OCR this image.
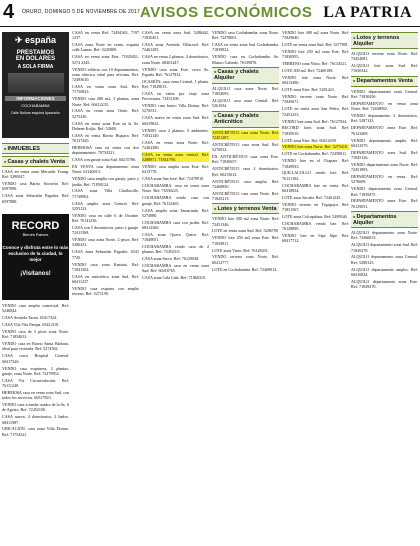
4 ORURO, DOMINGO 5 DE NOVIEMBRE DE 2017 AVISOS ECONÓMICOS LA PATRIA
✈ españa
PRESTAMOS
EN DOLARES
A SOLA FIRMA
INFORMACIONES
COCHABAMBA
Calle Bolívar esquina Ayacucho
RECORD
Bienes Raíces
Conoce y disfruta entre lo más exclusivo de la ciudad, lo mejor
¡Visítanos!
■ INMUEBLES
■ Casas y chalets Venta

CASA en venta zona Mercado Young. Ref: 5290047.

VENDO casa Barrio Socavón. Ref: 6597890.

CASA zona Sebastián Pagador. Ref: 6597880.

VENDO casa amplia comercial. Ref: 5246842.

CASA Avenida Tacna. 65417324.

CASA Vila Vila Pampa. 65412101.

VENDO casa de 3 pisos zona Norte. Ref: 71854631.

VENDO casa en Barrio Santa Bárbara, ideal para vivienda. Ref: 5274562.

CASA cerca Hospital General. 60417326.

VENDO casa esquinera, 2 plantas, garaje, zona Norte. Ref: 72479852.

CASA Vía Circunvalación. Ref: 76111240.

HERMOSA casa en venta zona Sud, con todos los servicios. 66517823.

VENDO casa a media cuadra de la Av. 6 de Agosto. Ref: 72452100.

CASA nueva, 4 dormitorios, 2 baños. 68411987.

UBICACIÓN: casa zona Villa Dorina. Ref: 71754321.

CASA en venta Ref: 72494363, 7197 1237.

CASA zona Norte en venta, esquina calle Lamas. Ref: 5245800.

CASA en venta zona Este. 71820451, 5274 2345.

VENDO edificio con 10 departamentos, zona céntrica, ideal para oficinas. Ref: 72495610.

CASA en venta zona Sud, Ref: 71756823.

VENDO casa 280 m2, 3 plantas, zona Norte. Ref: 60412233.

CASA en venta zona Oeste. Ref: 5275230.

CASA en venta zona Este en la Av. Dehene Kuljis. Ref: 52600.

CASA en venta Barrio Huajara. Ref: 76137420.

HERMOSA casa en venta con dos departamentos. 70754321.

CASA con garaje zona Sud. 60215786.

EN VENTA casa departamento zona Norte. 61240013.

VENDO casa amplia con garaje, patio y jardín. Ref: 71830124.

CASA zona Villa Challacollo. 71748902.

CASA amplia zona Central. Ref: 5255123.

VENDO casa en calle 6 de Octubre. Ref: 76141236.

CASA con 5 dormitorios, patio y garaje. 72411569.

VENDO casa zona Norte, 2 pisos. Ref: 5286431.

CASA zona Sebastián Pagador. 6541 7745.

VENDO casa zona Kantuta. Ref: 71841302.

CASA en anticrético zona Sud. Ref: 60411237.

VENDO casa esquina con amplio terreno. Ref: 5271190.

CASA en venta zona Sud. 5286442. 71830451.

CASA zona Avenida Villarroel. Ref: 72461285.

CASA en venta 2 plantas, 4 dormitorios, zona Norte. 68401247.

VENDO casa zona Este, cerca Av. España. Ref: 76127832.

OCASIÓN: casa zona Central, 1 planta. Ref: 71829013.

CASA en venta por viaje zona Ferroviaria. 72451200.

VENDO casa barrio Villa Dorina. Ref: 5276531.

CASA nueva en venta zona Sud. Ref: 60419822.

VENDO casa 2 plantas, 5 ambientes. 71832140.

CASA en venta zona Norte. Ref: 72462380.

CASA en venta zona central. Ref: 5288871. 71841790.

VENDO casa amplia zona Este. Ref: 6413778.

CASA zona San José. Ref: 72478910.

COCHABAMBA: casa en venta zona Norte. Ref: 71830225.

COCHABAMBA vendo casa con garaje. Ref: 76123465.

CASA amplia zona Tamarindo. Ref: 5274980.

COCHABAMBA casa con jardín, Ref: 68412360.

CASA zona Queru Queru. Ref: 71849051.

COCHABAMBA vendo casa de 2 plantas. Ref: 72452311.

CASA zona Sarco. Ref: 76129048.

COCHABAMBA casa en venta zona Sud. Ref: 60418765.

CASA zona Cala Cala. Ref: 71866310.

VENDO casa Cochabamba, zona Norte. Ref: 72478001.

CASA en venta zona Sud Cochabamba. 71839922.

VENDO casa en Cochabamba Av. Blanco Galindo. 76139876.

■ Casas y chalets Alquiler

ALQUILO casa zona Norte. Ref: 71854093.

ALQUILO casa zona Central. Ref: 5261034.

■ Casas y chalets Anticrético

ANTICRÉTICO casa zona Norte. Ref: 72451287.

ANTICRÉTICO casa zona Sud. Ref: 5276812.

EN ANTICRÉTICO casa zona Este. Ref: 71830657.

ANTICRÉTICO casa 2 dormitorios. Ref: 60415612.

ANTICRÉTICO casa amplia. Ref: 72468850.

ANTICRÉTICO casa zona Norte. Ref: 71845213.

■ Lotes y terrenos Venta

VENDO lote 300 m2 zona Norte. Ref: 72451346.

LOTE en venta zona Sud. Ref: 5286790.

VENDO lote 250 m2 zona Este. Ref: 71839811.

LOTE zona Vinto. Ref: 76128431.

VENDO terreno zona Norte. Ref: 60412777.

LOTE en Cochabamba. Ref: 72469014.

VENDO lote 400 m2 zona Norte. Ref: 71829040.

LOTE en venta zona Sud. Ref: 5277801.

VENDO lote 250 m2 zona Este. Ref: 71830955.

TERRENO zona Vinto. Ref: 76134521.

LOTE 300 m2. Ref: 72460188.

VENDO lote zona Norte. Ref: 60413490.

LOTE zona Este. Ref: 5281423.

VENDO terreno zona Norte. Ref: 71845671.

LOTE en venta zona San Pedro. Ref: 72452233.

VENDO lote zona Sud. Ref: 76127034.

RECORD lotes zona Sud. Ref: 71830910.

LOTE zona Este. Ref: 60412038.

VENDO lote zona Norte. Ref: 5275418.

LOTE en Cochabamba. Ref: 72458811.

VENDO lote en el Chapare. Ref: 71849933.

QUILLACOLLO vendo lote. Ref: 76131102.

COCHABAMBA lote en venta. Ref: 60418834.

LOTE zona Sacaba. Ref: 72461245.

VENDO terreno en Tiquipaya. Ref: 71831567.

LOTE zona Colcapirhua. Ref: 5289340.

COCHABAMBA vendo lote. Ref: 76128890.

VENDO lote en Sipe Sipe. Ref: 60417712.

■ Lotes y terrenos Alquiler

ALQUILO terreno zona Norte. Ref: 72454081.

ALQUILO lote zona Sud. Ref: 71830342.

■ Departamentos Venta

VENDO departamento zona Central. Ref: 71830456.

DEPARTAMENTO en venta zona Norte. Ref: 72468902.

VENDO departamento 3 dormitorios. Ref: 5287123.

DEPARTAMENTO zona Este. Ref: 76123408.

VENDO departamento amplio. Ref: 60412579.

DEPARTAMENTO zona Sud. Ref: 71845126.

VENDO departamento zona Norte. Ref: 72451893.

DEPARTAMENTO en venta. Ref: 5276609.

VENDO departamento zona Central. Ref: 71839475.

DEPARTAMENTO zona Este. Ref: 76129031.

■ Departamentos Alquiler

ALQUILO departamento zona Norte. Ref: 72466013.

ALQUILO departamento zona Sud. Ref: 71830278.

ALQUILO departamento zona Central. Ref: 5288125.

ALQUILO departamento amplio. Ref: 60416834.

ALQUILO departamento zona Este. Ref: 71849270.
